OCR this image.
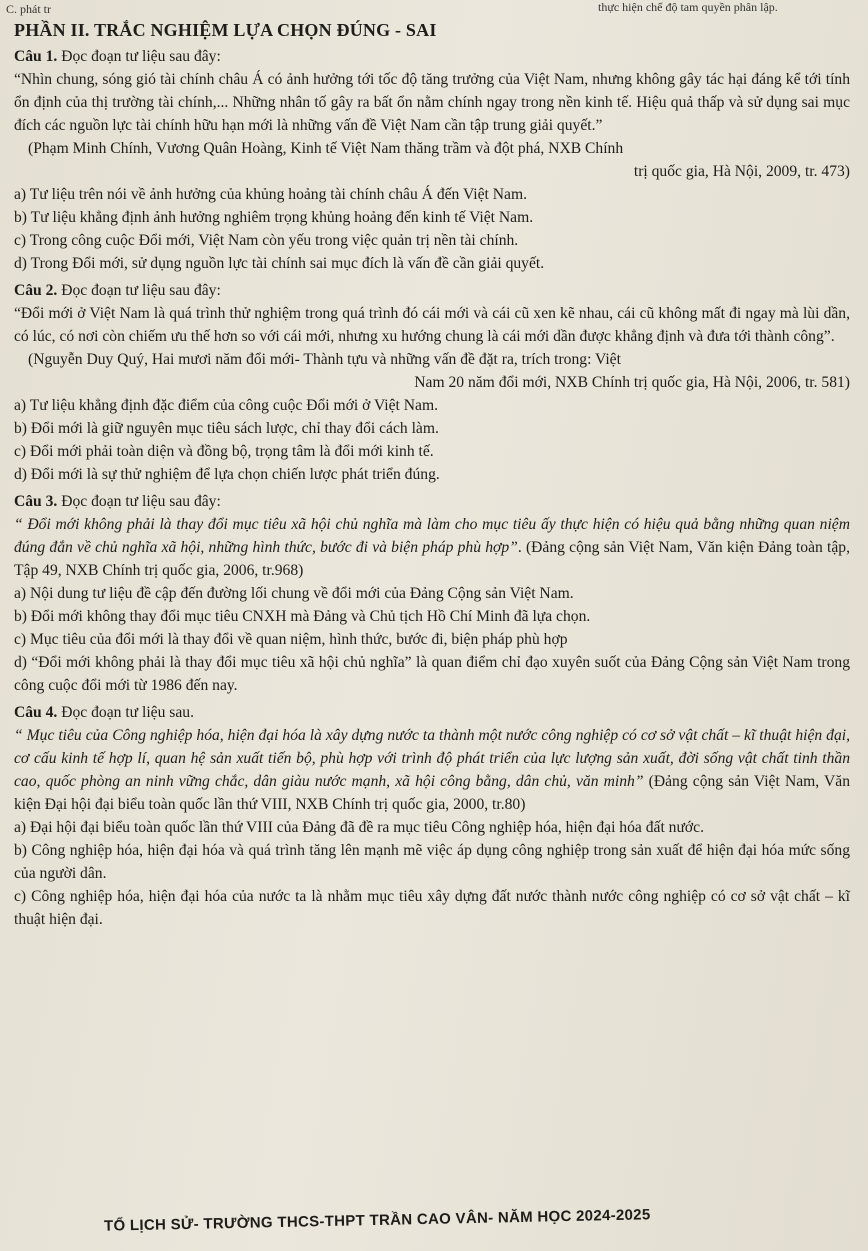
C. phát tr	thực hiện chế độ tam quyền phân lập.
PHẦN II. TRẮC NGHIỆM LỰA CHỌN ĐÚNG - SAI

Câu 1. Đọc đoạn tư liệu sau đây:

“Nhìn chung, sóng gió tài chính châu Á có ảnh hưởng tới tốc độ tăng trưởng của Việt Nam, nhưng không gây tác hại đáng kể tới tính ổn định của thị trường tài chính,... Những nhân tố gây ra bất ổn nằm chính ngay trong nền kinh tế. Hiệu quả thấp và sử dụng sai mục đích các nguồn lực tài chính hữu hạn mới là những vấn đề Việt Nam cần tập trung giải quyết.”

(Phạm Minh Chính, Vương Quân Hoàng, Kinh tế Việt Nam thăng trầm và đột phá, NXB Chính

trị quốc gia, Hà Nội, 2009, tr. 473)

a) Tư liệu trên nói về ảnh hưởng của khủng hoảng tài chính châu Á đến Việt Nam.

b) Tư liệu khẳng định ảnh hưởng nghiêm trọng khủng hoảng đến kinh tế Việt Nam.

c) Trong công cuộc Đổi mới, Việt Nam còn yếu trong việc quản trị nền tài chính.

d) Trong Đổi mới, sử dụng nguồn lực tài chính sai mục đích là vấn đề cần giải quyết.

Câu 2. Đọc đoạn tư liệu sau đây:

“Đổi mới ở Việt Nam là quá trình thử nghiệm trong quá trình đó cái mới và cái cũ xen kẽ nhau, cái cũ không mất đi ngay mà lùi dần, có lúc, có nơi còn chiếm ưu thế hơn so với cái mới, nhưng xu hướng chung là cái mới dần được khẳng định và đưa tới thành công”.

(Nguyễn Duy Quý, Hai mươi năm đổi mới- Thành tựu và những vấn đề đặt ra, trích trong: Việt

Nam 20 năm đổi mới, NXB Chính trị quốc gia, Hà Nội, 2006, tr. 581)

a) Tư liệu khẳng định đặc điểm của công cuộc Đổi mới ở Việt Nam.

b) Đổi mới là giữ nguyên mục tiêu sách lược, chỉ thay đổi cách làm.

c) Đổi mới phải toàn diện và đồng bộ, trọng tâm là đổi mới kinh tế.

d) Đổi mới là sự thử nghiệm để lựa chọn chiến lược phát triển đúng.

Câu 3. Đọc đoạn tư liệu sau đây:

“ Đổi mới không phải là thay đổi mục tiêu xã hội chủ nghĩa mà làm cho mục tiêu ấy thực hiện có hiệu quả bằng những quan niệm đúng đắn về chủ nghĩa xã hội, những hình thức, bước đi và biện pháp phù hợp”. (Đảng cộng sản Việt Nam, Văn kiện Đảng toàn tập, Tập 49, NXB Chính trị quốc gia, 2006, tr.968)

a) Nội dung tư liệu đề cập đến đường lối chung về đổi mới của Đảng Cộng sản Việt Nam.

b) Đổi mới không thay đổi mục tiêu CNXH mà Đảng và Chủ tịch Hồ Chí Minh đã lựa chọn.

c) Mục tiêu của đổi mới là thay đổi về quan niệm, hình thức, bước đi, biện pháp phù hợp

d) “Đổi mới không phải là thay đổi mục tiêu xã hội chủ nghĩa” là quan điểm chỉ đạo xuyên suốt của Đảng Cộng sản Việt Nam trong công cuộc đổi mới từ 1986 đến nay.

Câu 4. Đọc đoạn tư liệu sau.

“ Mục tiêu của Công nghiệp hóa, hiện đại hóa là xây dựng nước ta thành một nước công nghiệp có cơ sở vật chất – kĩ thuật hiện đại, cơ cấu kinh tế hợp lí, quan hệ sản xuất tiến bộ, phù hợp với trình độ phát triển của lực lượng sản xuất, đời sống vật chất tinh thần cao, quốc phòng an ninh vững chắc, dân giàu nước mạnh, xã hội công bằng, dân chủ, văn minh” (Đảng cộng sản Việt Nam, Văn kiện Đại hội đại biểu toàn quốc lần thứ VIII, NXB Chính trị quốc gia, 2000, tr.80)

a) Đại hội đại biểu toàn quốc lần thứ VIII của Đảng đã đề ra mục tiêu Công nghiệp hóa, hiện đại hóa đất nước.

b) Công nghiệp hóa, hiện đại hóa và quá trình tăng lên mạnh mẽ việc áp dụng công nghiệp trong sản xuất để hiện đại hóa mức sống của người dân.

c) Công nghiệp hóa, hiện đại hóa của nước ta là nhằm mục tiêu xây dựng đất nước thành nước công nghiệp có cơ sở vật chất – kĩ thuật hiện đại.

TỔ LỊCH SỬ- TRƯỜNG THCS-THPT TRẦN CAO VÂN- NĂM HỌC 2024-2025
